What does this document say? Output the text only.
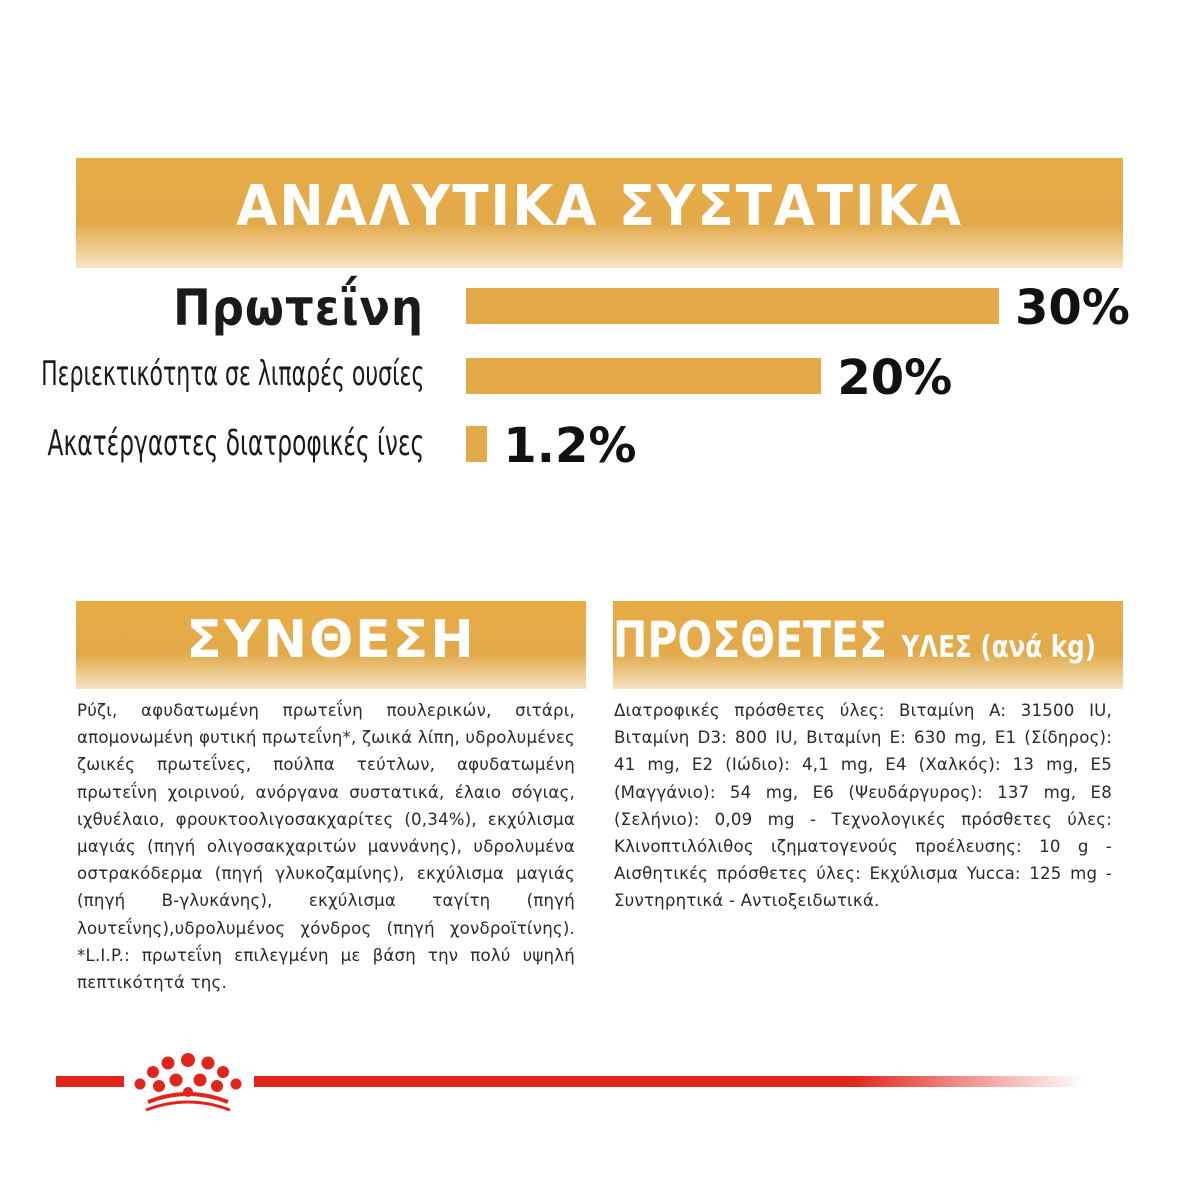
ΑΝΑΛΥΤΙΚΑ ΣΥΣΤΑΤΙΚΑ
Πρωτεΐνη	30%
Περιεκτικότητα σε λιπαρές ουσίες	20%
Ακατέργαστες διατροφικές ίνες 1.2%
ΣΥΝΘΕΣΗ
Ρύζι, αφυδατωμένη πρωτεΐνη πουλερικών, σιτάρι, απομονωμένη φυτική πρωτεΐνη*, ζωικά λίπη, υδρολυμένες ζωικές πρωτεΐνες, πούλπα τεύτλων, αφυδατωμένη πρωτεΐνη χοιρινού, ανόργανα συστατικά, έλαιο σόγιας, ιχθυέλαιο, φρουκτοολιγοσακχαρίτες (0,34%), εκχύλισμα μαγιάς (πηγή ολιγοσακχαριτών μαννάνης), υδρολυμένα οστρακόδερμα (πηγή γλυκοζαμίνης), εκχύλισμα μαγιάς (πηγή Β-γλυκάνης), εκχύλισμα ταγίτη (πηγή λουτεΐνης),υδρολυμένος χόνδρος (πηγή χονδροϊτίνης). *L.I.P.: πρωτεΐνη επιλεγμένη με βάση την πολύ υψηλή πεπτικότητά της.
ΠΡΟΣΘΕΤΕΣ ΥΛΕΣ (ανά kg)
Διατροφικές πρόσθετες ύλες: Βιταμίνη A: 31500 IU, Βιταμίνη D3: 800 IU, Βιταμίνη E: 630 mg, E1 (Σίδηρος): 41 mg, E2 (Ιώδιο): 4,1 mg, E4 (Χαλκός): 13 mg, E5 (Μαγγάνιο): 54 mg, E6 (Ψευδάργυρος): 137 mg, E8 (Σελήνιο): 0,09 mg - Τεχνολογικές πρόσθετες ύλες: Κλινοπτιλόλιθος ιζηματογενούς προέλευσης: 10 g - Αισθητικές πρόσθετες ύλες: Εκχύλισμα Yucca: 125 mg - Συντηρητικά - Αντιοξειδωτικά.
